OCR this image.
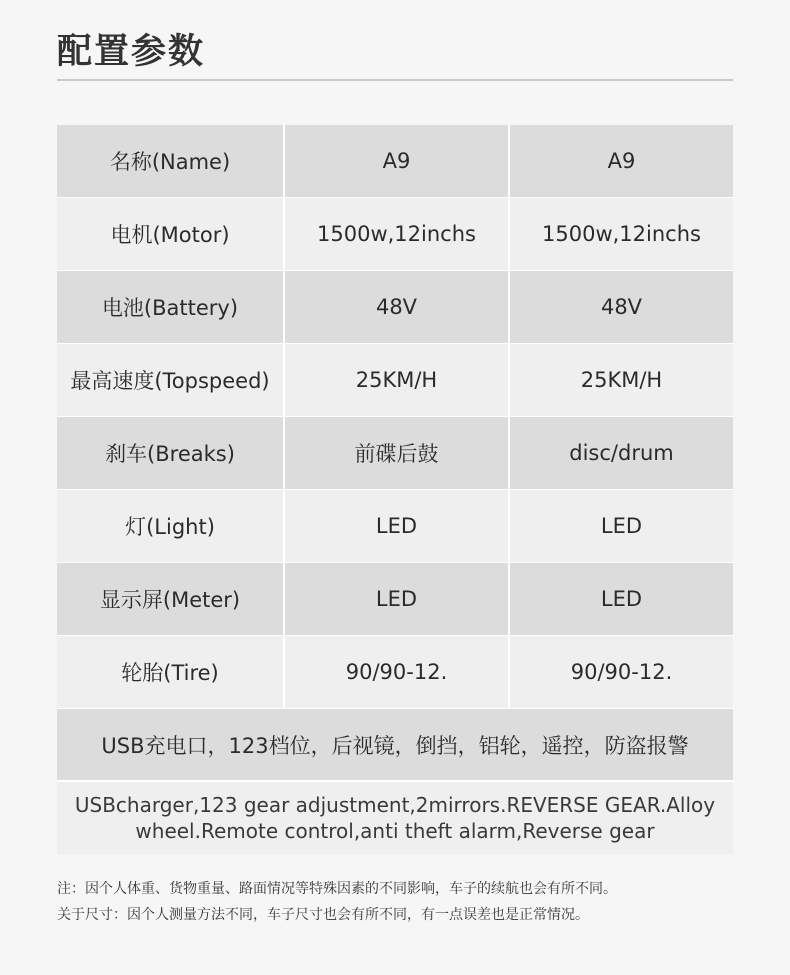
配置参数
名称(Name)	A9	A9
电机(Motor)	1500w,12inchs	1500w,12inchs
电池(Battery)	48V	48V
最高速度(Topspeed)	25KM/H	25KM/H
刹车(Breaks)	前碟后鼓	disc/drum
灯(Light)	LED	LED
显示屏(Meter)	LED	LED
轮胎(Tire)	90/90-12.	90/90-12.
USB充电口，123档位，后视镜，倒挡，铝轮，遥控，防盗报警
USBcharger,123 gear adjustment,2mirrors.REVERSE GEAR.Alloy
wheel.Remote control,anti theft alarm,Reverse gear
注：因个人体重、货物重量、路面情况等特殊因素的不同影响，车子的续航也会有所不同。
关于尺寸：因个人测量方法不同，车子尺寸也会有所不同，有一点误差也是正常情况。
